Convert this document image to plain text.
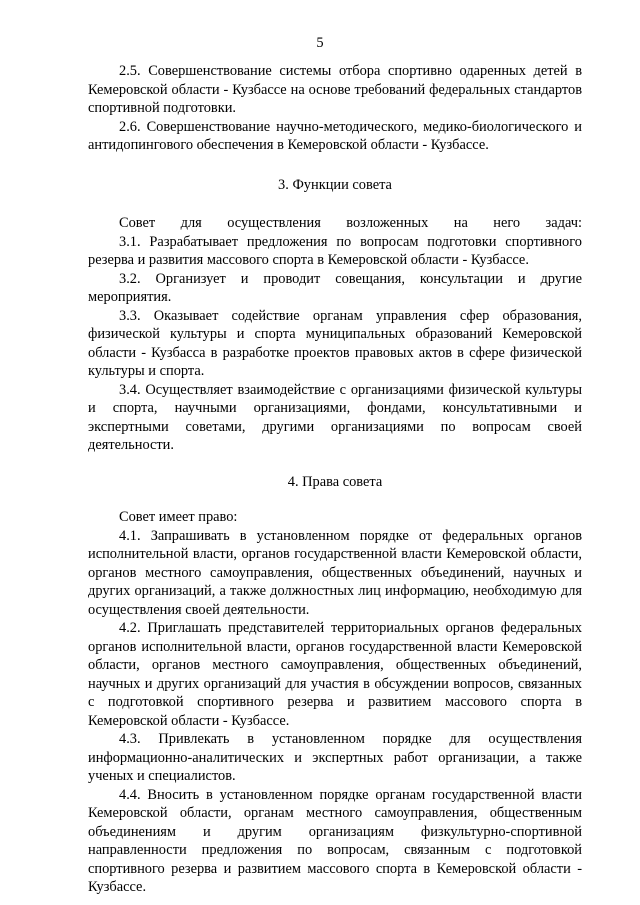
5

2.5. Совершенствование системы отбора спортивно одаренных детей в Кемеровской области - Кузбассе на основе требований федеральных стандартов спортивной подготовки.

2.6. Совершенствование научно-методического, медико-биологического и антидопингового обеспечения в Кемеровской области - Кузбассе.

3. Функции совета

Совет для осуществления возложенных на него задач:

3.1. Разрабатывает предложения по вопросам подготовки спортивного резерва и развития массового спорта в Кемеровской области - Кузбассе.

3.2. Организует и проводит совещания, консультации и другие мероприятия.

3.3. Оказывает содействие органам управления сфер образования, физической культуры и спорта муниципальных образований Кемеровской области - Кузбасса в разработке проектов правовых актов в сфере физической культуры и спорта.

3.4. Осуществляет взаимодействие с организациями физической культуры и спорта, научными организациями, фондами, консультативными и экспертными советами, другими организациями по вопросам своей деятельности.

4. Права совета

Совет имеет право:

4.1. Запрашивать в установленном порядке от федеральных органов исполнительной власти, органов государственной власти Кемеровской области, органов местного самоуправления, общественных объединений, научных и других организаций, а также должностных лиц информацию, необходимую для осуществления своей деятельности.

4.2. Приглашать представителей территориальных органов федеральных органов исполнительной власти, органов государственной власти Кемеровской области, органов местного самоуправления, общественных объединений, научных и других организаций для участия в обсуждении вопросов, связанных с подготовкой спортивного резерва и развитием массового спорта в Кемеровской области - Кузбассе.

4.3. Привлекать в установленном порядке для осуществления информационно-аналитических и экспертных работ организации, а также ученых и специалистов.

4.4. Вносить в установленном порядке органам государственной власти Кемеровской области, органам местного самоуправления, общественным объединениям и другим организациям физкультурно-спортивной направленности предложения по вопросам, связанным с подготовкой спортивного резерва и развитием массового спорта в Кемеровской области - Кузбассе.
